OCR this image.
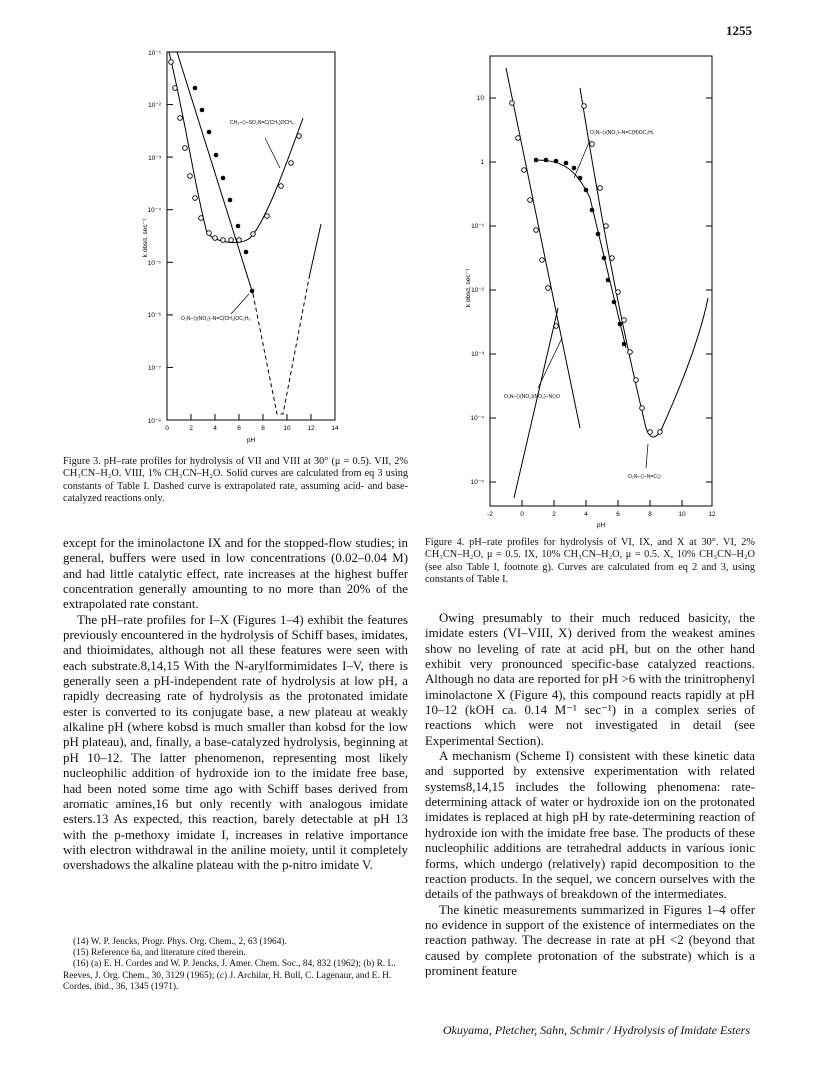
1255
10⁻¹
10⁻²
10⁻³
10⁻⁴
10⁻⁵
10⁻⁶
10⁻⁷
10⁻⁸
0	2	4	6	8	10	12	14
pH
k obsd, sec⁻¹
CH₃–⟨⟩–SO₂N=C(CH₃)OCH₃
O₂N–⟨⟩(NO₂)–N=C(CH₃)OC₂H₅
Figure 3. pH–rate profiles for hydrolysis of VII and VIII at 30° (μ = 0.5). VII, 2% CH₃CN–H₂O. VIII, 1% CH₃CN–H₂O. Solid curves are calculated from eq 3 using constants of Table I. Dashed curve is extrapolated rate, assuming acid- and base-catalyzed reactions only.
10
1
10⁻¹
10⁻²
10⁻³
10⁻⁴
10⁻⁵
-2	0	2	4	6	8	10	12
pH
k obsd, sec⁻¹
O₂N–⟨⟩(NO₂)–N=C(H)OC₂H₅
O₂N–⟨⟩(NO₂)(NO₂)–N⟨⟩O
O₂N–⟨⟩–N=C⟨⟩
Figure 4. pH–rate profiles for hydrolysis of VI, IX, and X at 30°. VI, 2% CH₃CN–H₂O, μ = 0.5. IX, 10% CH₃CN–H₂O, μ = 0.5. X, 10% CH₃CN–H₂O (see also Table I, footnote g). Curves are calculated from eq 2 and 3, using constants of Table I.

except for the iminolactone IX and for the stopped-flow studies; in general, buffers were used in low concentrations (0.02–0.04 M) and had little catalytic effect, rate increases at the highest buffer concentration generally amounting to no more than 20% of the extrapolated rate constant.

The pH–rate profiles for I–X (Figures 1–4) exhibit the features previously encountered in the hydrolysis of Schiff bases, imidates, and thioimidates, although not all these features were seen with each substrate.8,14,15 With the N-arylformimidates I–V, there is generally seen a pH-independent rate of hydrolysis at low pH, a rapidly decreasing rate of hydrolysis as the protonated imidate ester is converted to its conjugate base, a new plateau at weakly alkaline pH (where kobsd is much smaller than kobsd for the low pH plateau), and, finally, a base-catalyzed hydrolysis, beginning at pH 10–12. The latter phenomenon, representing most likely nucleophilic addition of hydroxide ion to the imidate free base, had been noted some time ago with Schiff bases derived from aromatic amines,16 but only recently with analogous imidate esters.13 As expected, this reaction, barely detectable at pH 13 with the p-methoxy imidate I, increases in relative importance with electron withdrawal in the aniline moiety, until it completely overshadows the alkaline plateau with the p-nitro imidate V.

(14) W. P. Jencks, Progr. Phys. Org. Chem., 2, 63 (1964).

(15) Reference 6a, and literature cited therein.

(16) (a) E. H. Cordes and W. P. Jencks, J. Amer. Chem. Soc., 84, 832 (1962); (b) R. L. Reeves, J. Org. Chem., 30, 3129 (1965); (c) J. Archilar, H. Bull, C. Lagenaur, and E. H. Cordes, ibid., 36, 1345 (1971).

Owing presumably to their much reduced basicity, the imidate esters (VI–VIII, X) derived from the weakest amines show no leveling of rate at acid pH, but on the other hand exhibit very pronounced specific-base catalyzed reactions. Although no data are reported for pH >6 with the trinitrophenyl iminolactone X (Figure 4), this compound reacts rapidly at pH 10–12 (kOH ca. 0.14 M⁻¹ sec⁻¹) in a complex series of reactions which were not investigated in detail (see Experimental Section).

A mechanism (Scheme I) consistent with these kinetic data and supported by extensive experimentation with related systems8,14,15 includes the following phenomena: rate-determining attack of water or hydroxide ion on the protonated imidates is replaced at high pH by rate-determining reaction of hydroxide ion with the imidate free base. The products of these nucleophilic additions are tetrahedral adducts in various ionic forms, which undergo (relatively) rapid decomposition to the reaction products. In the sequel, we concern ourselves with the details of the pathways of breakdown of the intermediates.

The kinetic measurements summarized in Figures 1–4 offer no evidence in support of the existence of intermediates on the reaction pathway. The decrease in rate at pH <2 (beyond that caused by complete protonation of the substrate) which is a prominent feature

Okuyama, Pletcher, Sahn, Schmir / Hydrolysis of Imidate Esters
